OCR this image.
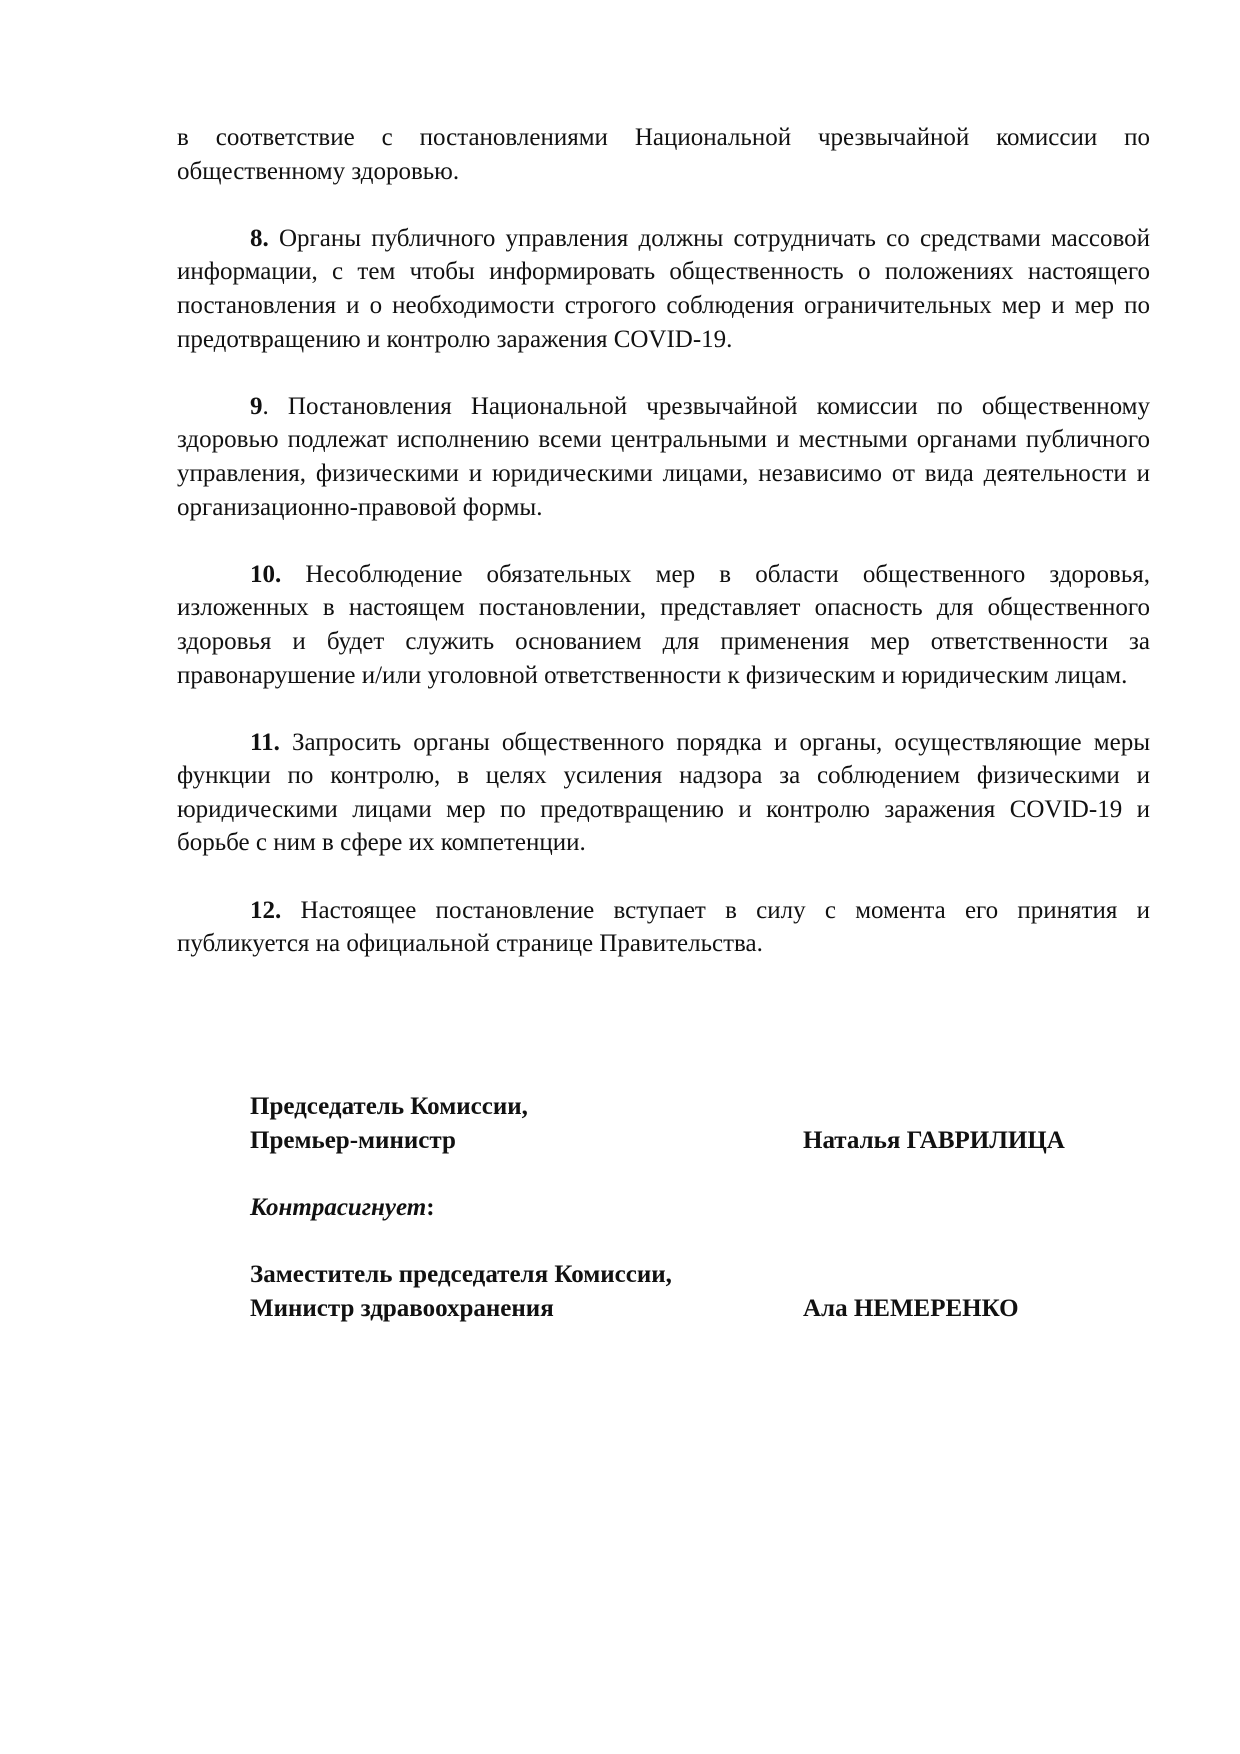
в соответствие с постановлениями Национальной чрезвычайной комиссии по общественному здоровью.

8. Органы публичного управления должны сотрудничать со средствами массовой информации, с тем чтобы информировать общественность о положениях настоящего постановления и о необходимости строгого соблюдения ограничительных мер и мер по предотвращению и контролю заражения COVID-19.

9. Постановления Национальной чрезвычайной комиссии по общественному здоровью подлежат исполнению всеми центральными и местными органами публичного управления, физическими и юридическими лицами, независимо от вида деятельности и организационно-правовой формы.

10. Несоблюдение обязательных мер в области общественного здоровья, изложенных в настоящем постановлении, представляет опасность для общественного здоровья и будет служить основанием для применения мер ответственности за правонарушение и/или уголовной ответственности к физическим и юридическим лицам.

11. Запросить органы общественного порядка и органы, осуществляющие меры функции по контролю, в целях усиления надзора за соблюдением физическими и юридическими лицами мер по предотвращению и контролю заражения COVID-19 и борьбе с ним в сфере их компетенции.

12. Настоящее постановление вступает в силу с момента его принятия и публикуется на официальной странице Правительства.

Председатель Комиссии,
Премьер-министр	Наталья ГАВРИЛИЦА
Контрасигнует:
Заместитель председателя Комиссии,
Министр здравоохранения	Ала НЕМЕРЕНКО
